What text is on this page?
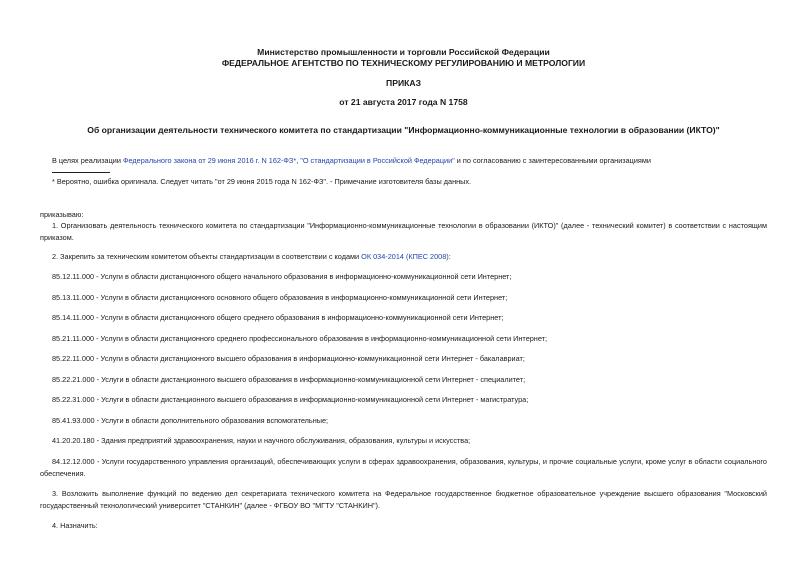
Министерство промышленности и торговли Российской Федерации
ФЕДЕРАЛЬНОЕ АГЕНТСТВО ПО ТЕХНИЧЕСКОМУ РЕГУЛИРОВАНИЮ И МЕТРОЛОГИИ
ПРИКАЗ
от 21 августа 2017 года N 1758
Об организации деятельности технического комитета по стандартизации "Информационно-коммуникационные технологии в образовании (ИКТО)"
В целях реализации Федерального закона от 29 июня 2016 г. N 162-ФЗ*, "О стандартизации в Российской Федерации" и по согласованию с заинтересованными организациями
* Вероятно, ошибка оригинала. Следует читать "от 29 июня 2015 года N 162-ФЗ". - Примечание изготовителя базы данных.
приказываю:
1. Организовать деятельность технического комитета по стандартизации "Информационно-коммуникационные технологии в образовании (ИКТО)" (далее - технический комитет) в соответствии с настоящим приказом.
2. Закрепить за техническим комитетом объекты стандартизации в соответствии с кодами ОК 034-2014 (КПЕС 2008):
85.12.11.000 - Услуги в области дистанционного общего начального образования в информационно-коммуникационной сети Интернет;
85.13.11.000 - Услуги в области дистанционного основного общего образования в информационно-коммуникационной сети Интернет;
85.14.11.000 - Услуги в области дистанционного общего среднего образования в информационно-коммуникационной сети Интернет;
85.21.11.000 - Услуги в области дистанционного среднего профессионального образования в информационно-коммуникационной сети Интернет;
85.22.11.000 - Услуги в области дистанционного высшего образования в информационно-коммуникационной сети Интернет - бакалавриат;
85.22.21.000 - Услуги в области дистанционного высшего образования в информационно-коммуникационной сети Интернет - специалитет;
85.22.31.000 - Услуги в области дистанционного высшего образования в информационно-коммуникационной сети Интернет - магистратура;
85.41.93.000 - Услуги в области дополнительного образования вспомогательные;
41.20.20.180 - Здания предприятий здравоохранения, науки и научного обслуживания, образования, культуры и искусства;
84.12.12.000 - Услуги государственного управления организаций, обеспечивающих услуги в сферах здравоохранения, образования, культуры, и прочие социальные услуги, кроме услуг в области социального обеспечения.
3. Возложить выполнение функций по ведению дел секретариата технического комитета на Федеральное государственное бюджетное образовательное учреждение высшего образования "Московский государственный технологический университет "СТАНКИН" (далее - ФГБОУ ВО "МГТУ "СТАНКИН").
4. Назначить:
